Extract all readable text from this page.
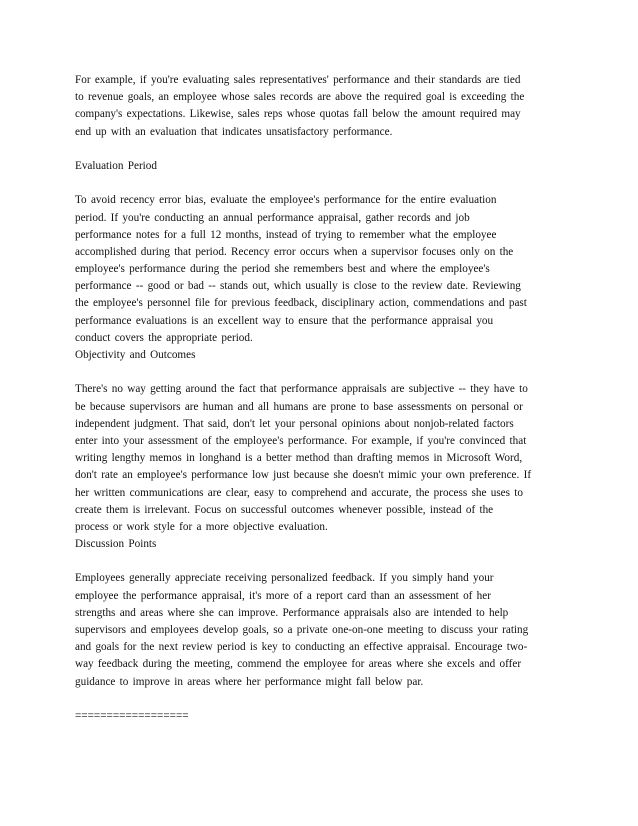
For example, if you're evaluating sales representatives' performance and their standards are tied
to revenue goals, an employee whose sales records are above the required goal is exceeding the
company's expectations. Likewise, sales reps whose quotas fall below the amount required may
end up with an evaluation that indicates unsatisfactory performance.
Evaluation Period
To avoid recency error bias, evaluate the employee's performance for the entire evaluation
period. If you're conducting an annual performance appraisal, gather records and job
performance notes for a full 12 months, instead of trying to remember what the employee
accomplished during that period. Recency error occurs when a supervisor focuses only on the
employee's performance during the period she remembers best and where the employee's
performance -- good or bad -- stands out, which usually is close to the review date. Reviewing
the employee's personnel file for previous feedback, disciplinary action, commendations and past
performance evaluations is an excellent way to ensure that the performance appraisal you
conduct covers the appropriate period.
Objectivity and Outcomes
There's no way getting around the fact that performance appraisals are subjective -- they have to
be because supervisors are human and all humans are prone to base assessments on personal or
independent judgment. That said, don't let your personal opinions about nonjob-related factors
enter into your assessment of the employee's performance. For example, if you're convinced that
writing lengthy memos in longhand is a better method than drafting memos in Microsoft Word,
don't rate an employee's performance low just because she doesn't mimic your own preference. If
her written communications are clear, easy to comprehend and accurate, the process she uses to
create them is irrelevant. Focus on successful outcomes whenever possible, instead of the
process or work style for a more objective evaluation.
Discussion Points
Employees generally appreciate receiving personalized feedback. If you simply hand your
employee the performance appraisal, it's more of a report card than an assessment of her
strengths and areas where she can improve. Performance appraisals also are intended to help
supervisors and employees develop goals, so a private one-on-one meeting to discuss your rating
and goals for the next review period is key to conducting an effective appraisal. Encourage two-
way feedback during the meeting, commend the employee for areas where she excels and offer
guidance to improve in areas where her performance might fall below par.
==================
